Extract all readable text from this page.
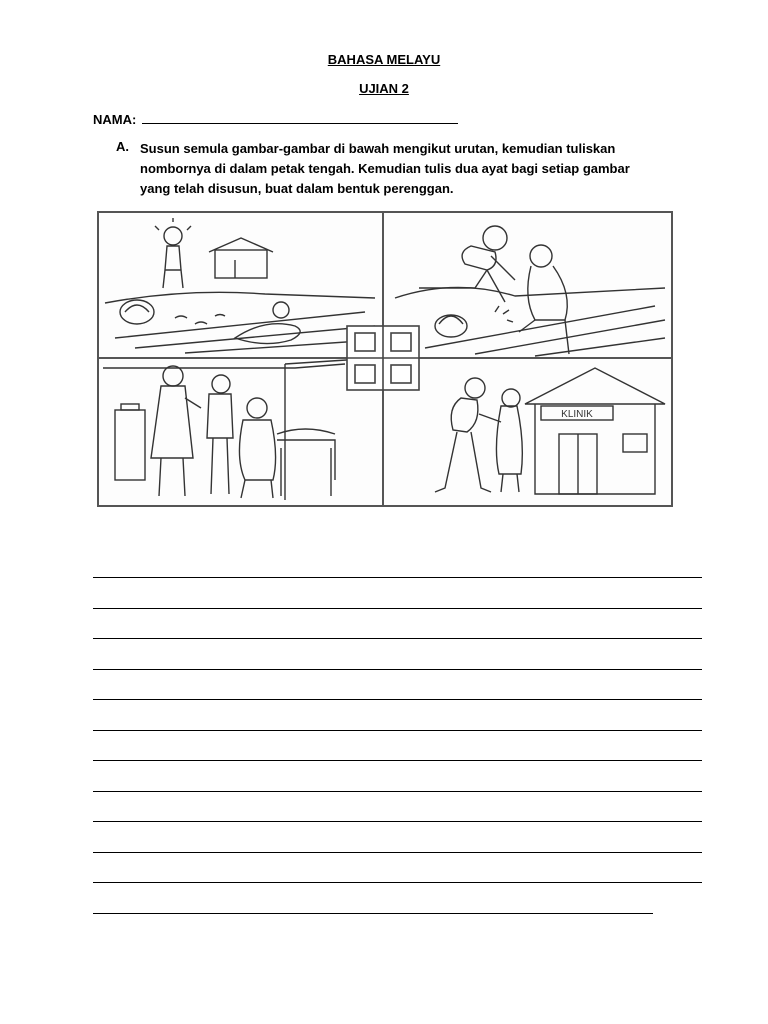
BAHASA MELAYU
UJIAN 2
NAMA:
A. Susun semula gambar-gambar di bawah mengikut urutan, kemudian tuliskan
nombornya di dalam petak tengah. Kemudian tulis dua ayat bagi setiap gambar
yang telah disusun, buat dalam bentuk perenggan.
KLINIK
